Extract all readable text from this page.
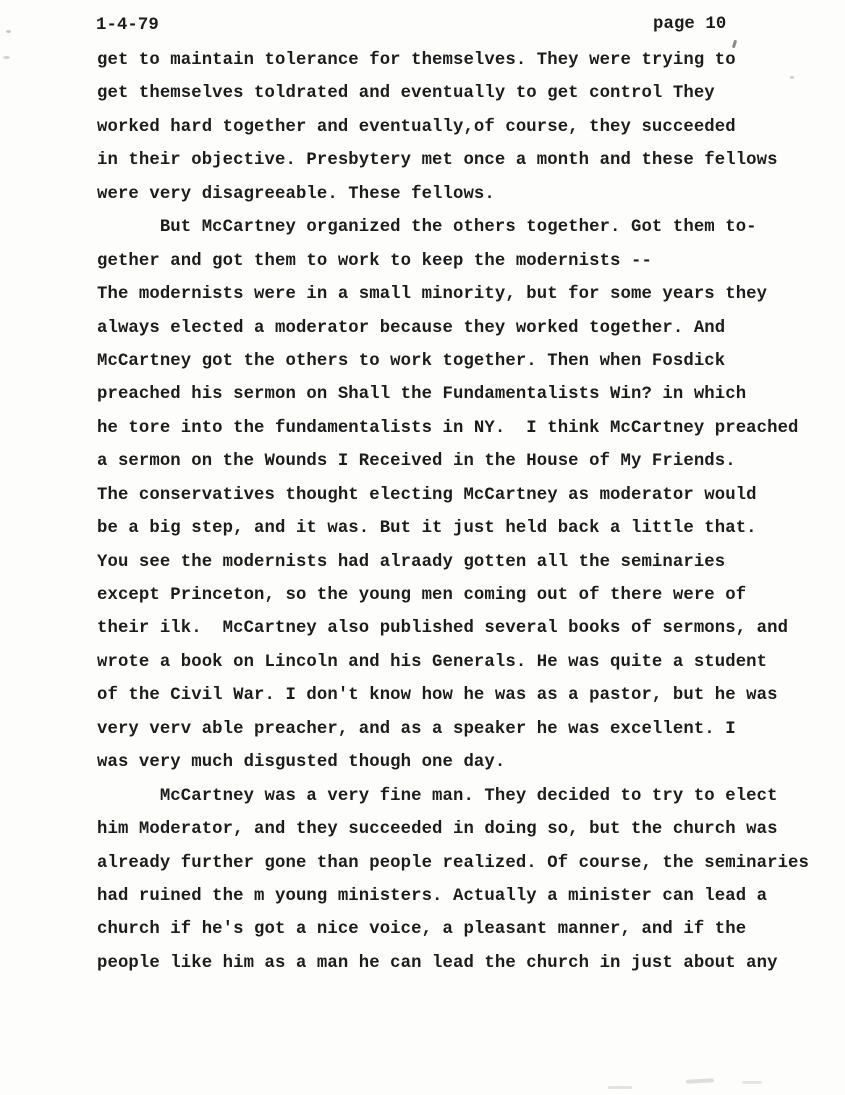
1-4-79	page 10
get to maintain tolerance for themselves. They were trying to
get themselves toldrated and eventually to get control They
worked hard together and eventually,of course, they succeeded
in their objective. Presbytery met once a month and these fellows
were very disagreeable. These fellows.
But McCartney organized the others together. Got them to-
gether and got them to work to keep the modernists --
The modernists were in a small minority, but for some years they
always elected a moderator because they worked together. And
McCartney got the others to work together. Then when Fosdick
preached his sermon on Shall the Fundamentalists Win? in which
he tore into the fundamentalists in NY.  I think McCartney preached
a sermon on the Wounds I Received in the House of My Friends.
The conservatives thought electing McCartney as moderator would
be a big step, and it was. But it just held back a little that.
You see the modernists had alraady gotten all the seminaries
except Princeton, so the young men coming out of there were of
their ilk.  McCartney also published several books of sermons, and
wrote a book on Lincoln and his Generals. He was quite a student
of the Civil War. I don't know how he was as a pastor, but he was
very verv able preacher, and as a speaker he was excellent. I
was very much disgusted though one day.
McCartney was a very fine man. They decided to try to elect
him Moderator, and they succeeded in doing so, but the church was
already further gone than people realized. Of course, the seminaries
had ruined the m young ministers. Actually a minister can lead a
church if he's got a nice voice, a pleasant manner, and if the
people like him as a man he can lead the church in just about any
